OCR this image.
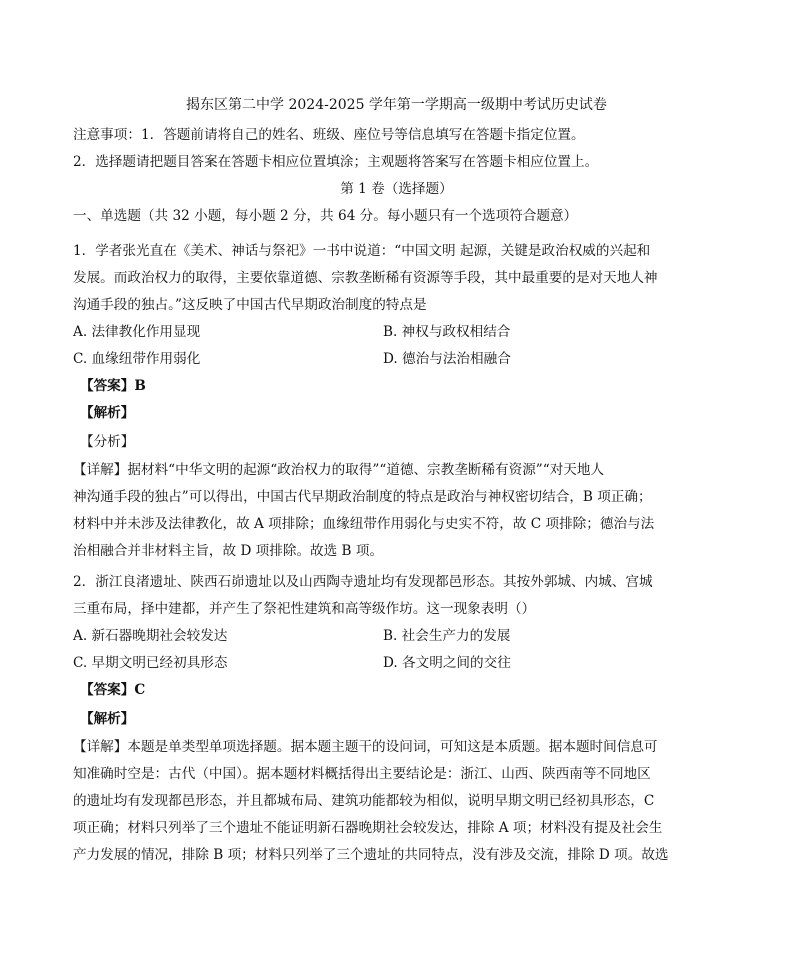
揭东区第二中学 2024-2025 学年第一学期高一级期中考试历史试卷
注意事项：1．答题前请将自己的姓名、班级、座位号等信息填写在答题卡指定位置。
2．选择题请把题目答案在答题卡相应位置填涂；主观题将答案写在答题卡相应位置上。
第 1 卷（选择题）
一、单选题（共 32 小题，每小题 2 分，共 64 分。每小题只有一个选项符合题意）
1．学者张光直在《美术、神话与祭祀》一书中说道：“中国文明 起源，关键是政治权威的兴起和
发展。而政治权力的取得，主要依靠道德、宗教垄断稀有资源等手段，其中最重要的是对天地人神
沟通手段的独占。”这反映了中国古代早期政治制度的特点是
A. 法律教化作用显现	B. 神权与政权相结合
C. 血缘纽带作用弱化	D. 德治与法治相融合
【答案】B
【解析】
【分析】
【详解】据材料“中华文明的起源“政治权力的取得”“道德、宗教垄断稀有资源”“对天地人
神沟通手段的独占”可以得出，中国古代早期政治制度的特点是政治与神权密切结合，B 项正确；
材料中并未涉及法律教化，故 A 项排除；血缘纽带作用弱化与史实不符，故 C 项排除；德治与法
治相融合并非材料主旨，故 D 项排除。故选 B 项。
2．浙江良渚遗址、陕西石峁遗址以及山西陶寺遗址均有发现都邑形态。其按外郭城、内城、宫城
三重布局，择中建都，并产生了祭祀性建筑和高等级作坊。这一现象表明（）
A. 新石器晚期社会较发达	B. 社会生产力的发展
C. 早期文明已经初具形态	D. 各文明之间的交往
【答案】C
【解析】
【详解】本题是单类型单项选择题。据本题主题干的设问词，可知这是本质题。据本题时间信息可
知准确时空是：古代（中国）。据本题材料概括得出主要结论是：浙江、山西、陕西南等不同地区
的遗址均有发现都邑形态，并且都城布局、建筑功能都较为相似，说明早期文明已经初具形态，C
项正确；材料只列举了三个遗址不能证明新石器晚期社会较发达，排除 A 项；材料没有提及社会生
产力发展的情况，排除 B 项；材料只列举了三个遗址的共同特点，没有涉及交流，排除 D 项。故选
